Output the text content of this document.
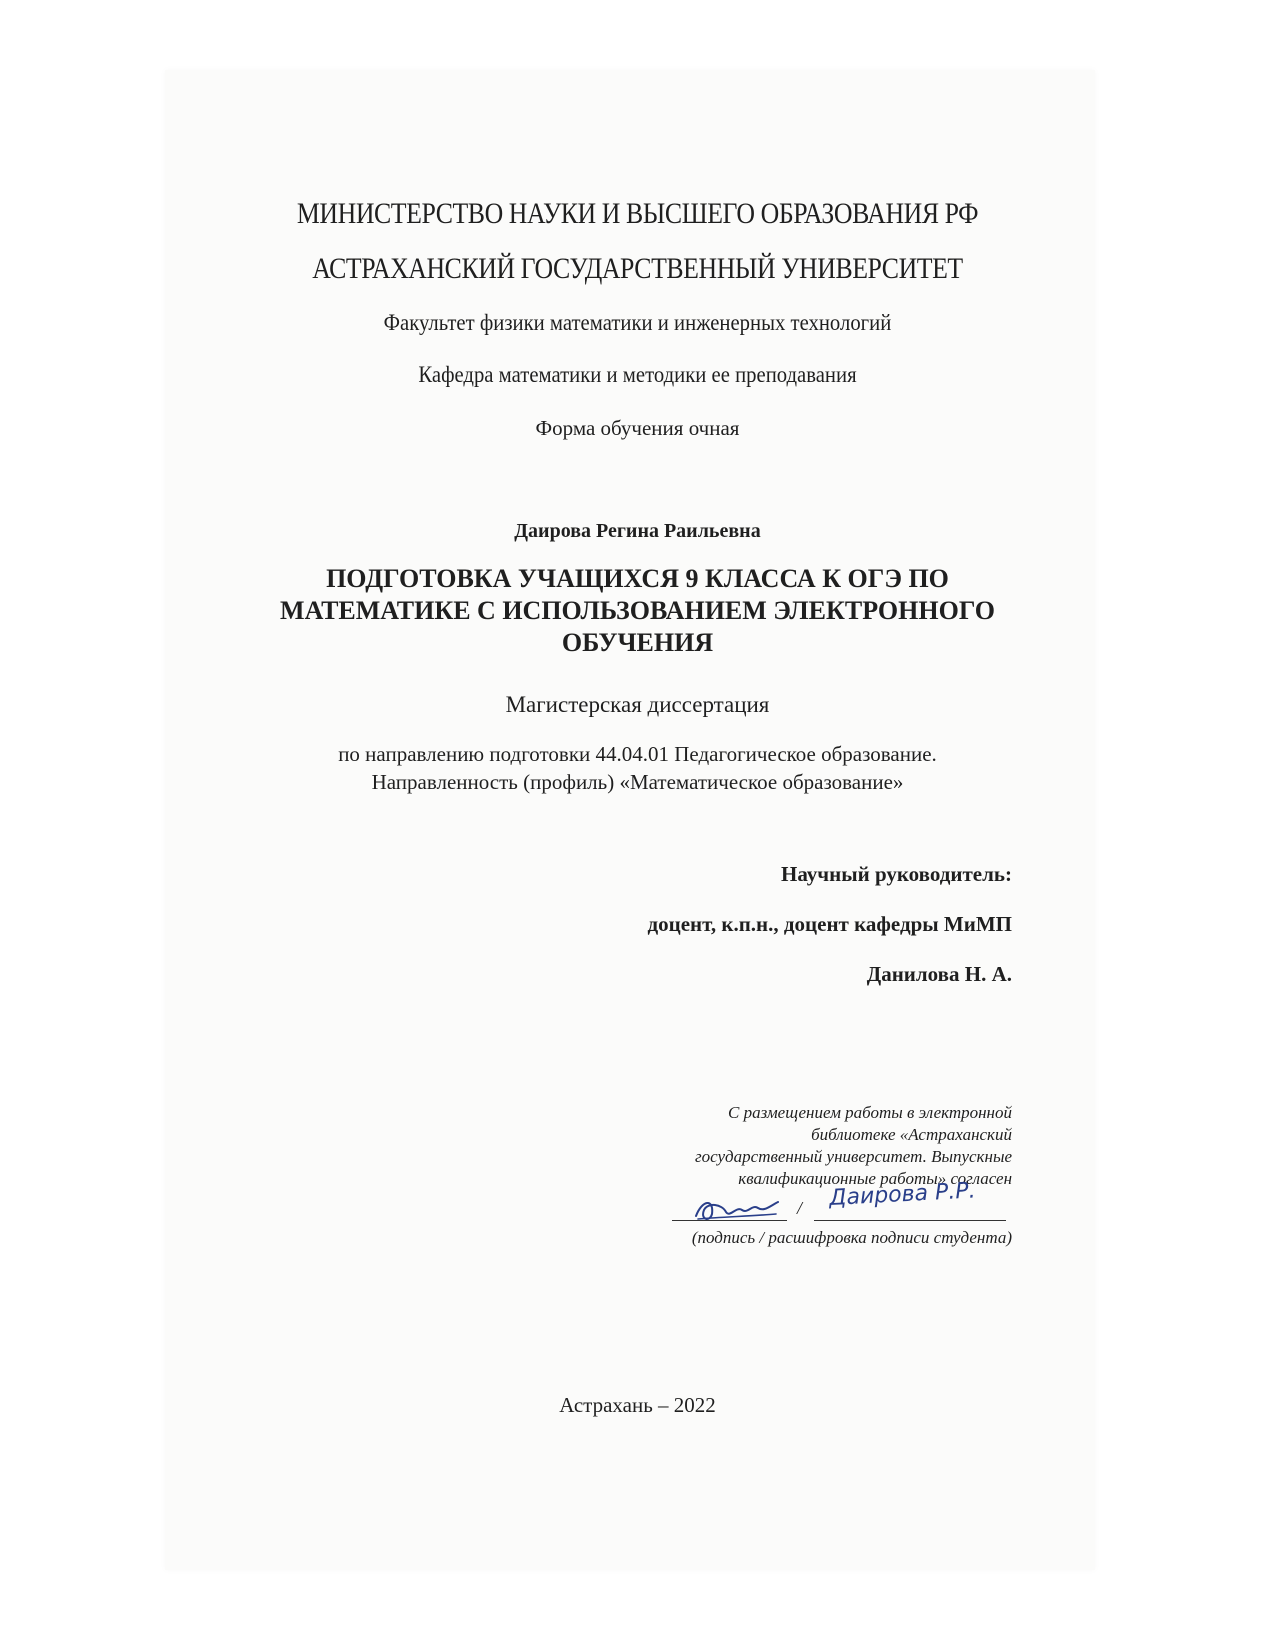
МИНИСТЕРСТВО НАУКИ И ВЫСШЕГО ОБРАЗОВАНИЯ РФ
АСТРАХАНСКИЙ ГОСУДАРСТВЕННЫЙ УНИВЕРСИТЕТ
Факультет физики математики и инженерных технологий
Кафедра математики и методики ее преподавания
Форма обучения очная
Даирова Регина Раильевна
ПОДГОТОВКА УЧАЩИХСЯ 9 КЛАССА К ОГЭ ПО
МАТЕМАТИКЕ С ИСПОЛЬЗОВАНИЕМ ЭЛЕКТРОННОГО
ОБУЧЕНИЯ
Магистерская диссертация
по направлению подготовки 44.04.01 Педагогическое образование.
Направленность (профиль) «Математическое образование»
Научный руководитель:
доцент, к.п.н., доцент кафедры МиМП
Данилова Н. А.
С размещением работы в электронной
библиотеке «Астраханский
государственный университет. Выпускные
квалификационные работы» согласен
/ Даирова Р.Р.
(подпись / расшифровка подписи студента)
Астрахань – 2022
